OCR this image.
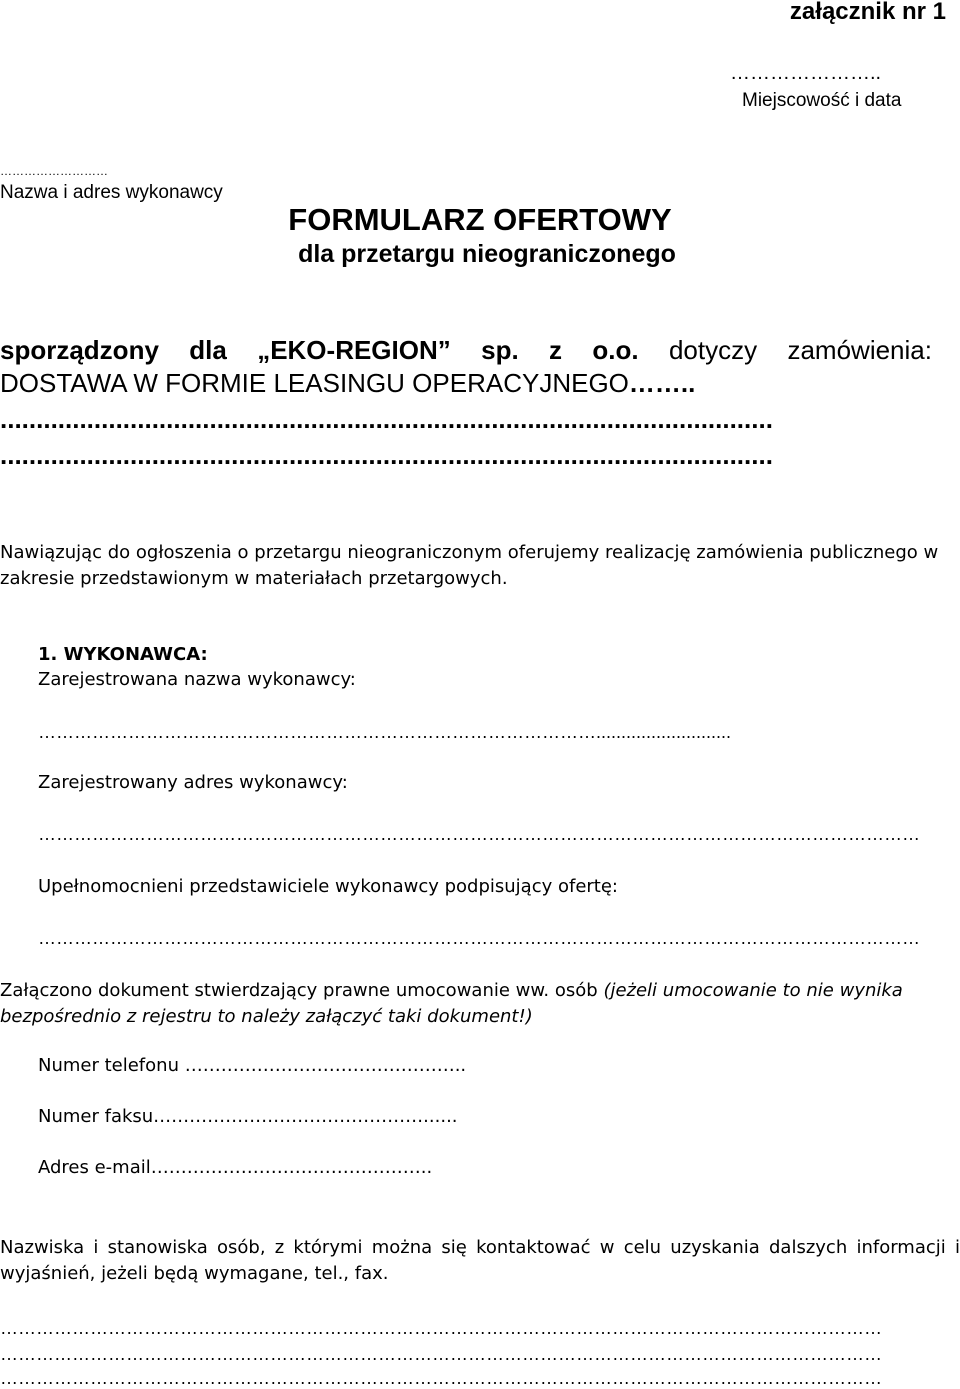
załącznik nr 1

…………………..

Miejscowość i data

………………………

Nazwa i adres wykonawcy

FORMULARZ OFERTOWY
dla przetargu nieograniczonego

sporządzony dla „EKO-REGION” sp. z o.o. dotyczy zamówienia:

DOSTAWA W FORMIE LEASINGU OPERACYJNEGO……..

...........................................................................................................

...........................................................................................................

Nawiązując do ogłoszenia o przetargu nieograniczonym oferujemy realizację zamówienia publicznego w zakresie przedstawionym w materiałach przetargowych.

1. WYKONAWCA:

Zarejestrowana nazwa wykonawcy:

…………………………………………………………………………………...........................

Zarejestrowany adres wykonawcy:

…………………………………………………………………………………………………………………………………

Upełnomocnieni przedstawiciele wykonawcy podpisujący ofertę:

…………………………………………………………………………………………………………………………………

Załączono dokument stwierdzający prawne umocowanie ww. osób (jeżeli umocowanie to nie wynika bezpośrednio z rejestru to należy załączyć taki dokument!)

Numer telefonu ………………………………………..

Numer faksu………………………………………......

Adres e-mail………………………………………..

Nazwiska i stanowiska osób, z którymi można się kontaktować w celu uzyskania dalszych informacji i wyjaśnień, jeżeli będą wymagane, tel., fax.

…………………………………………………………………………………………………………………………………

…………………………………………………………………………………………………………………………………

…………………………………………………………………………………………………………………………………
